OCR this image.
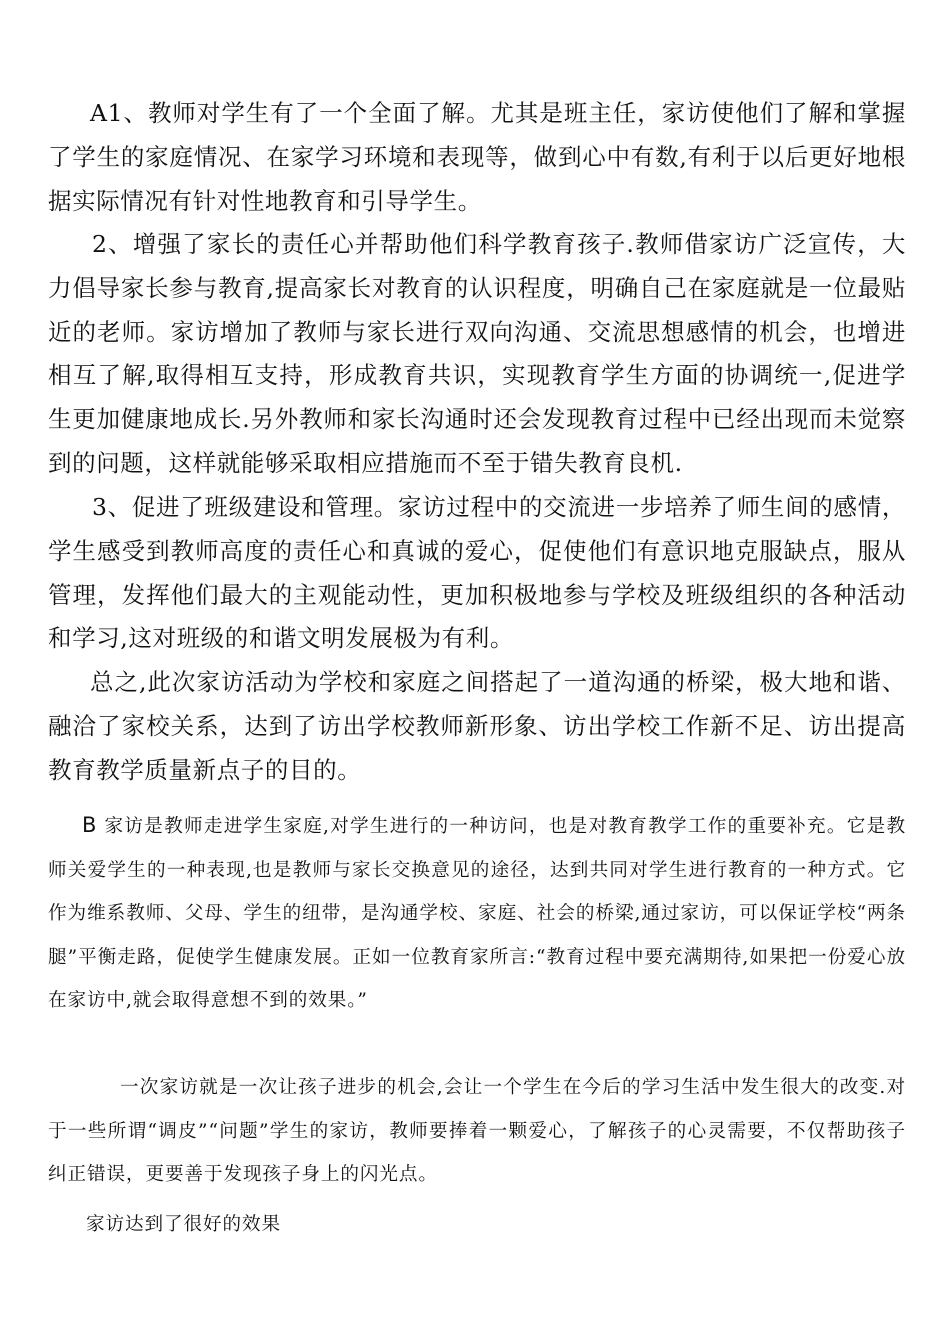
A1、教师对学生有了一个全面了解。尤其是班主任，家访使他们了解和掌握了学生的家庭情况、在家学习环境和表现等，做到心中有数,有利于以后更好地根据实际情况有针对性地教育和引导学生。

2、增强了家长的责任心并帮助他们科学教育孩子.教师借家访广泛宣传，大力倡导家长参与教育,提高家长对教育的认识程度，明确自己在家庭就是一位最贴近的老师。家访增加了教师与家长进行双向沟通、交流思想感情的机会，也增进相互了解,取得相互支持，形成教育共识，实现教育学生方面的协调统一,促进学生更加健康地成长.另外教师和家长沟通时还会发现教育过程中已经出现而未觉察到的问题，这样就能够采取相应措施而不至于错失教育良机.

3、促进了班级建设和管理。家访过程中的交流进一步培养了师生间的感情，学生感受到教师高度的责任心和真诚的爱心，促使他们有意识地克服缺点，服从管理，发挥他们最大的主观能动性，更加积极地参与学校及班级组织的各种活动和学习,这对班级的和谐文明发展极为有利。

总之,此次家访活动为学校和家庭之间搭起了一道沟通的桥梁，极大地和谐、融洽了家校关系，达到了访出学校教师新形象、访出学校工作新不足、访出提高教育教学质量新点子的目的。

B 家访是教师走进学生家庭,对学生进行的一种访问，也是对教育教学工作的重要补充。它是教师关爱学生的一种表现,也是教师与家长交换意见的途径，达到共同对学生进行教育的一种方式。它作为维系教师、父母、学生的纽带，是沟通学校、家庭、社会的桥梁,通过家访，可以保证学校“两条腿”平衡走路，促使学生健康发展。正如一位教育家所言:“教育过程中要充满期待,如果把一份爱心放在家访中,就会取得意想不到的效果。”

一次家访就是一次让孩子进步的机会,会让一个学生在今后的学习生活中发生很大的改变.对于一些所谓“调皮”“问题”学生的家访，教师要捧着一颗爱心，了解孩子的心灵需要，不仅帮助孩子纠正错误，更要善于发现孩子身上的闪光点。

家访达到了很好的效果
